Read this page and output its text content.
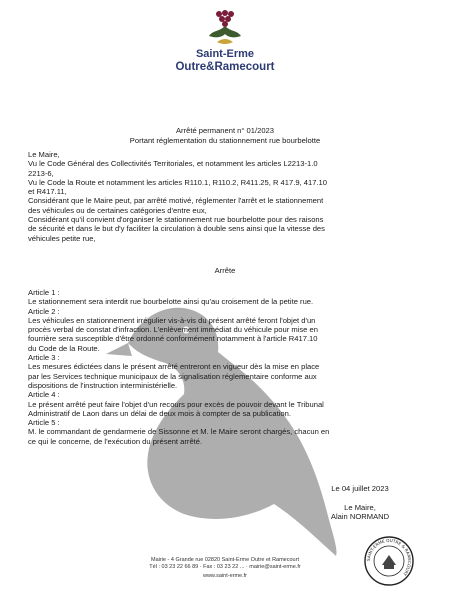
Saint-Erme
Outre&Ramecourt
Arrêté permanent n° 01/2023
Portant réglementation du stationnement rue bourbelotte
Le Maire,
Vu le Code Général des Collectivités Territoriales, et notamment les articles L2213-1.0
2213-6,
Vu le Code la Route et notamment les articles R110.1, R110.2, R411.25, R 417.9, 417.10
et R417.11,
Considérant que le Maire peut, par arrêté motivé, réglementer l'arrêt et le stationnement
des véhicules ou de certaines catégories d'entre eux,
Considérant qu'il convient d'organiser le stationnement rue bourbelotte pour des raisons
de sécurité et dans le but d'y faciliter la circulation à double sens ainsi que la vitesse des
véhicules petite rue,
Arrête
Article 1 :
Le stationnement sera interdit rue bourbelotte ainsi qu'au croisement de la petite rue.
Article 2 :
Les véhicules en stationnement irrégulier vis-à-vis du présent arrêté feront l'objet d'un
procès verbal de constat d'infraction. L'enlèvement immédiat du véhicule pour mise en
fourrière sera susceptible d'être ordonné conformément notamment à l'article R417.10
du Code de la Route.
Article 3 :
Les mesures édictées dans le présent arrêté entreront en vigueur dès la mise en place
par les Services technique municipaux de la signalisation réglementaire conforme aux
dispositions de l'instruction interministérielle.
Article 4 :
Le présent arrêté peut faire l'objet d'un recours pour excès de pouvoir devant le Tribunal
Administratif de Laon dans un délai de deux mois à compter de sa publication.
Article 5 :
M. le commandant de gendarmerie de Sissonne et M. le Maire seront chargés, chacun en
ce qui le concerne, de l'exécution du présent arrêté.
Le 04 juillet 2023
Le Maire,
Alain NORMAND
SAINT-ERME OUTRE & RAMECOURT
Mairie - 4 Grande rue 02820 Saint-Erme Outre et Ramecourt
Tél : 03 23 22 66 89 · Fax : 03 23 22 ... · mairie@saint-erme.fr
www.saint-erme.fr
